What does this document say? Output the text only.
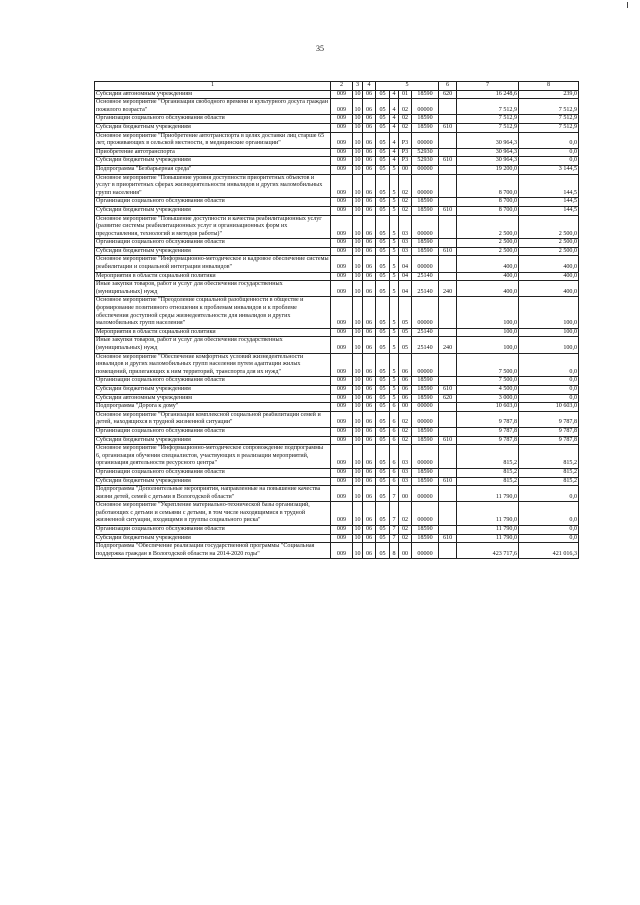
35
1	2	3	4	5				6	7	8
Субсидии автономным учреждениям	009	10	06	05	4	01	18590	620	16 248,6	239,0
Основное мероприятие "Организация свободного времени и культурного досуга граждан пожилого возраста"	009	10	06	05	4	02	00000		7 512,9	7 512,9
Организации социального обслуживания области	009	10	06	05	4	02	18590		7 512,9	7 512,9
Субсидии бюджетным учреждениям	009	10	06	05	4	02	18590	610	7 512,9	7 512,9
Основное мероприятие "Приобретение автотранспорта в целях доставки лиц старше 65 лет, проживающих в сельской местности, в медицинские организации"	009	10	06	05	4	P3	00000		30 964,3	0,0
Приобретение автотранспорта	009	10	06	05	4	P3	52930		30 964,3	0,0
Субсидии бюджетным учреждениям	009	10	06	05	4	P3	52930	610	30 964,3	0,0
Подпрограмма "Безбарьерная среда"	009	10	06	05	5	00	00000		19 200,0	3 144,5
Основное мероприятие "Повышение уровня доступности приоритетных объектов и услуг в приоритетных сферах жизнедеятельности инвалидов и других маломобильных групп населения"	009	10	06	05	5	02	00000		8 700,0	144,5
Организации социального обслуживания области	009	10	06	05	5	02	18590		8 700,0	144,5
Субсидии бюджетным учреждениям	009	10	06	05	5	02	18590	610	8 700,0	144,5
Основное мероприятие "Повышение доступности и качества реабилитационных услуг (развитие системы реабилитационных услуг и организационных форм их предоставления, технологий и методов работы)"	009	10	06	05	5	03	00000		2 500,0	2 500,0
Организации социального обслуживания области	009	10	06	05	5	03	18590		2 500,0	2 500,0
Субсидии бюджетным учреждениям	009	10	06	05	5	03	18590	610	2 500,0	2 500,0
Основное мероприятие "Информационно-методическое и кадровое обеспечение системы реабилитации и социальной интеграции инвалидов"	009	10	06	05	5	04	00000		400,0	400,0
Мероприятия в области социальной политики	009	10	06	05	5	04	25140		400,0	400,0
Иные закупки товаров, работ и услуг для обеспечения государственных (муниципальных) нужд	009	10	06	05	5	04	25140	240	400,0	400,0
Основное мероприятие "Преодоление социальной разобщенности в обществе и формирование позитивного отношения к проблемам инвалидов и к проблеме обеспечения доступной среды жизнедеятельности для инвалидов и других маломобильных групп населения"	009	10	06	05	5	05	00000		100,0	100,0
Мероприятия в области социальной политики	009	10	06	05	5	05	25140		100,0	100,0
Иные закупки товаров, работ и услуг для обеспечения государственных (муниципальных) нужд	009	10	06	05	5	05	25140	240	100,0	100,0
Основное мероприятие "Обеспечение комфортных условий жизнедеятельности инвалидов и других маломобильных групп населения путем адаптации жилых помещений, прилегающих к ним территорий, транспорта для их нужд"	009	10	06	05	5	06	00000		7 500,0	0,0
Организации социального обслуживания области	009	10	06	05	5	06	18590		7 500,0	0,0
Субсидии бюджетным учреждениям	009	10	06	05	5	06	18590	610	4 500,0	0,0
Субсидии автономным учреждениям	009	10	06	05	5	06	18590	620	3 000,0	0,0
Подпрограмма "Дорога к дому"	009	10	06	05	6	00	00000		10 603,0	10 603,0
Основное мероприятие "Организация комплексной социальной реабилитации семей и детей, находящихся в трудной жизненной ситуации"	009	10	06	05	6	02	00000		9 787,8	9 787,8
Организации социального обслуживания области	009	10	06	05	6	02	18590		9 787,8	9 787,8
Субсидии бюджетным учреждениям	009	10	06	05	6	02	18590	610	9 787,8	9 787,8
Основное мероприятие "Информационно-методическое сопровождение подпрограммы 6, организация обучения специалистов, участвующих в реализации мероприятий, организация деятельности ресурсного центра"	009	10	06	05	6	03	00000		815,2	815,2
Организации социального обслуживания области	009	10	06	05	6	03	18590		815,2	815,2
Субсидии бюджетным учреждениям	009	10	06	05	6	03	18590	610	815,2	815,2
Подпрограмма "Дополнительные мероприятия, направленные на повышение качества жизни детей, семей с детьми в Вологодской области"	009	10	06	05	7	00	00000		11 790,0	0,0
Основное мероприятие "Укрепление материально-технической базы организаций, работающих с детьми и семьями с детьми, в том числе находящимися в трудной жизненной ситуации, входящими в группы социального риска"	009	10	06	05	7	02	00000		11 790,0	0,0
Организации социального обслуживания области	009	10	06	05	7	02	18590		11 790,0	0,0
Субсидии бюджетным учреждениям	009	10	06	05	7	02	18590	610	11 790,0	0,0
Подпрограмма "Обеспечение реализации государственной программы "Социальная поддержка граждан в Вологодской области на 2014-2020 годы"	009	10	06	05	8	00	00000		423 717,6	421 016,3
